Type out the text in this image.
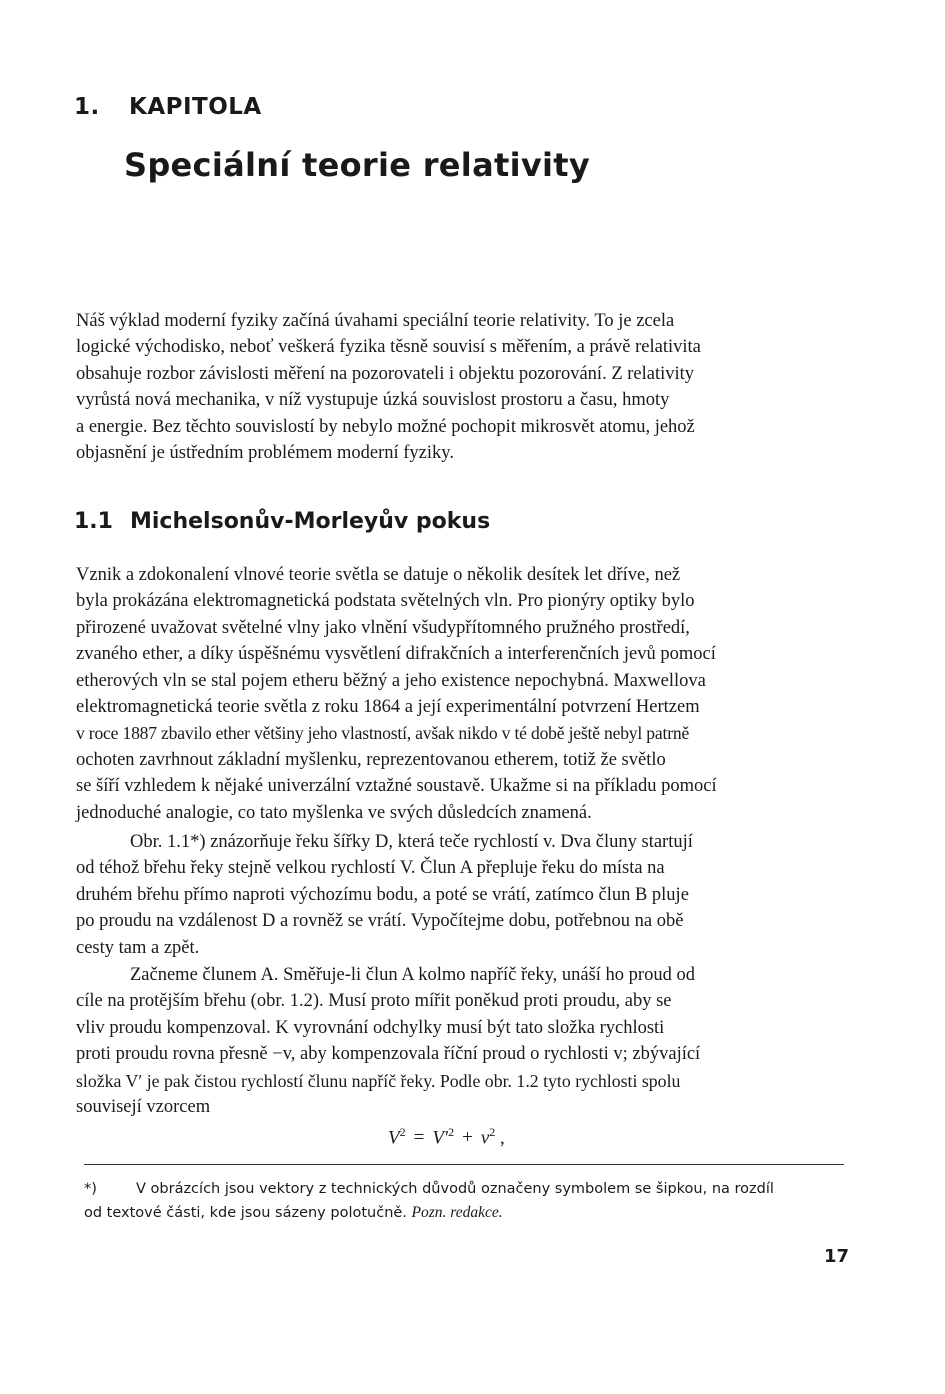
1. KAPITOLA
Speciální teorie relativity

Náš výklad moderní fyziky začíná úvahami speciální teorie relativity. To je zcela
logické východisko, neboť veškerá fyzika těsně souvisí s měřením, a právě relativita
obsahuje rozbor závislosti měření na pozorovateli i objektu pozorování. Z relativity
vyrůstá nová mechanika, v níž vystupuje úzká souvislost prostoru a času, hmoty
a energie. Bez těchto souvislostí by nebylo možné pochopit mikrosvět atomu, jehož
objasnění je ústředním problémem moderní fyziky.

1.1 Michelsonův-Morleyův pokus

Vznik a zdokonalení vlnové teorie světla se datuje o několik desítek let dříve, než
byla prokázána elektromagnetická podstata světelných vln. Pro pionýry optiky bylo
přirozené uvažovat světelné vlny jako vlnění všudypřítomného pružného prostředí,
zvaného ether, a díky úspěšnému vysvětlení difrakčních a interferenčních jevů pomocí
etherových vln se stal pojem etheru běžný a jeho existence nepochybná. Maxwellova
elektromagnetická teorie světla z roku 1864 a její experimentální potvrzení Hertzem
v roce 1887 zbavilo ether většiny jeho vlastností, avšak nikdo v té době ještě nebyl patrně
ochoten zavrhnout základní myšlenku, reprezentovanou etherem, totiž že světlo
se šíří vzhledem k nějaké univerzální vztažné soustavě. Ukažme si na příkladu pomocí
jednoduché analogie, co tato myšlenka ve svých důsledcích znamená.

Obr. 1.1*) znázorňuje řeku šířky D, která teče rychlostí v. Dva čluny startují
od téhož břehu řeky stejně velkou rychlostí V. Člun A přepluje řeku do místa na
druhém břehu přímo naproti výchozímu bodu, a poté se vrátí, zatímco člun B pluje
po proudu na vzdálenost D a rovněž se vrátí. Vypočítejme dobu, potřebnou na obě
cesty tam a zpět.

Začneme člunem A. Směřuje-li člun A kolmo napříč řeky, unáší ho proud od
cíle na protějším břehu (obr. 1.2). Musí proto mířit poněkud proti proudu, aby se
vliv proudu kompenzoval. K vyrovnání odchylky musí být tato složka rychlosti
proti proudu rovna přesně −v, aby kompenzovala říční proud o rychlosti v; zbývající
složka V′ je pak čistou rychlostí člunu napříč řeky. Podle obr. 1.2 tyto rychlosti spolu
souvisejí vzorcem

$V^2 = V'^2 + v^2$ ,

*)	V obrázcích jsou vektory z technických důvodů označeny symbolem se šipkou, na rozdíl
od textové části, kde jsou sázeny polotučně. Pozn. redakce.

17
